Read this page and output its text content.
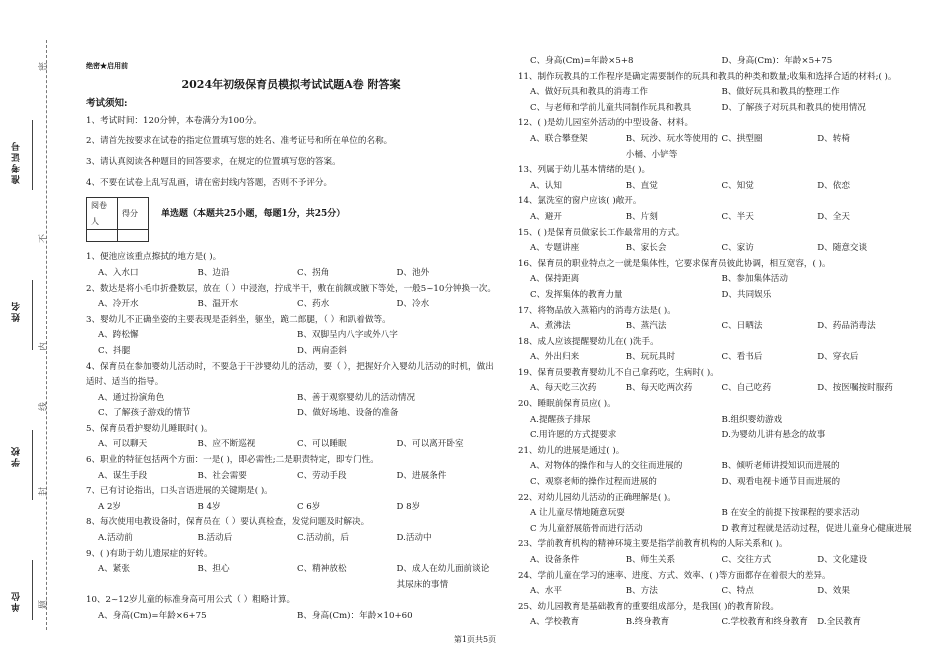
准考证号
姓名
学校
单位
密
不
内
线
封
题
绝密★启用前
2024年初级保育员模拟考试试题A卷 附答案
考试须知:

1、考试时间：120分钟，本卷满分为100分。

2、请首先按要求在试卷的指定位置填写您的姓名、准考证号和所在单位的名称。

3、请认真阅读各种题目的回答要求，在规定的位置填写您的答案。

4、不要在试卷上乱写乱画，请在密封线内答题，否则不予评分。

阅卷人	得分
		单选题（本题共25小题，每题1分，共25分）
1、便池应该重点擦拭的地方是( )。
A、入水口	B、边沿	C、拐角	D、池外
2、数达是将小毛巾折叠数层，放在（ ）中浸泡，拧成半干，敷在前额或腋下等处，一般5~10分钟换一次。
A、冷开水	B、温开水	C、药水	D、冷水
3、婴幼儿不正确坐姿的主要表现是歪斜坐，躯坐，跪二郎腿，（ ）和趴着做等。
A、跨松懈	B、双脚呈内八字或外八字
C、抖腿	D、两肩歪斜
4、保育员在参加婴幼儿活动时，不要急于干涉婴幼儿的活动，要（ ），把握好介入婴幼儿活动的时机，做出适时、适当的指导。
A、通过扮演角色	B、善于观察婴幼儿的活动情况
C、了解孩子游戏的情节	D、做好场地、设备的准备
5、保育员看护婴幼儿睡眠时( )。
A、可以聊天	B、应不断巡视	C、可以睡眠	D、可以离开卧室
6、职业的特征包括两个方面：一是( )，即必需性;二是职责特定，即专门性。
A、谋生手段	B、社会需要	C、劳动手段	D、进展条件
7、已有讨论指出，口头言语进展的关键期是( )。
A 2岁	B 4岁	C 6岁	D 8岁
8、每次使用电教设备时，保育员在（ ）要认真检查，发觉问题及时解决。
A.活动前	B.活动后	C.活动前，后	D.活动中
9、( )有助于幼儿遗尿症的好转。
A、紧张	B、担心	C、精神放松	D、成人在幼儿面前谈论其尿床的事情
10、2~12岁儿童的标准身高可用公式（ ）粗略计算。
A、身高(Cm)=年龄×6+75	B、身高(Cm)：年龄×10+60
C、身高(Cm)=年龄×5+8	D、身高(Cm)：年龄×5+75
11、制作玩教具的工作程序是确定需要制作的玩具和教具的种类和数量;收集和选择合适的材料;( )。
A、做好玩具和教具的消毒工作	B、做好玩具和教具的整理工作
C、与老师和学前儿童共同制作玩具和教具	D、了解孩子对玩具和教具的使用情况
12、( )是幼儿园室外活动的中型设备、材料。
A、联合攀登架	B、玩沙、玩水等使用的小桶、小铲等
C、拱型圈	D、转椅
13、列属于幼儿基本情绪的是( )。
A、认知	B、直觉	C、知觉	D、依恋
14、氯洗室的窗户应该( )敞开。
A、避开	B、片刻	C、半天	D、全天
15、( )是保育员做家长工作最常用的方式。
A、专题讲座	B、家长会	C、家访	D、随意交谈
16、保育员的职业特点之一就是集体性，它要求保育员彼此协调，相互宽容，( )。
A、保持距离	B、参加集体活动
C、发挥集体的教育力量	D、共同娱乐
17、将物品放入蒸箱内的消毒方法是( )。
A、煮沸法	B、蒸汽法	C、日晒法	D、药品消毒法
18、成人应该提醒婴幼儿在( )洗手。
A、外出归来	B、玩玩具时	C、看书后	D、穿衣后
19、保育员要教育婴幼儿不自己拿药吃，生病时( )。
A、每天吃三次药	B、每天吃两次药	C、自己吃药	D、按医嘱按时服药
20、睡眠前保育员应( )。
A.提醒孩子排尿	B.组织婴幼游戏
C.用许愿的方式提要求	D.为婴幼儿讲有悬念的故事
21、幼儿的进展是通过( )。
A、对物体的操作和与人的交往而进展的	B、倾听老师讲授知识而进展的
C、观察老师的操作过程而进展的	D、观看电视卡通节目而进展的
22、对幼儿园幼儿活动的正确理解是( )。
A 让儿童尽情地随意玩耍	B 在安全的前提下按课程的要求活动
C 为儿童舒展筋骨而进行活动	D 教育过程就是活动过程，促进儿童身心健康进展
23、学前教育机构的精神环境主要是指学前教育机构的人际关系和( )。
A、设备条件	B、师生关系	C、交往方式	D、文化建设
24、学前儿童在学习的速率、进度、方式、效率、( )等方面都存在着很大的差异。
A、水平	B、方法	C、特点	D、效果
25、幼儿园教育是基础教育的重要组成部分，是我国( )的教育阶段。
A、学校教育	B.终身教育	C.学校教育和终身教育	D.全民教育
第1页共5页
